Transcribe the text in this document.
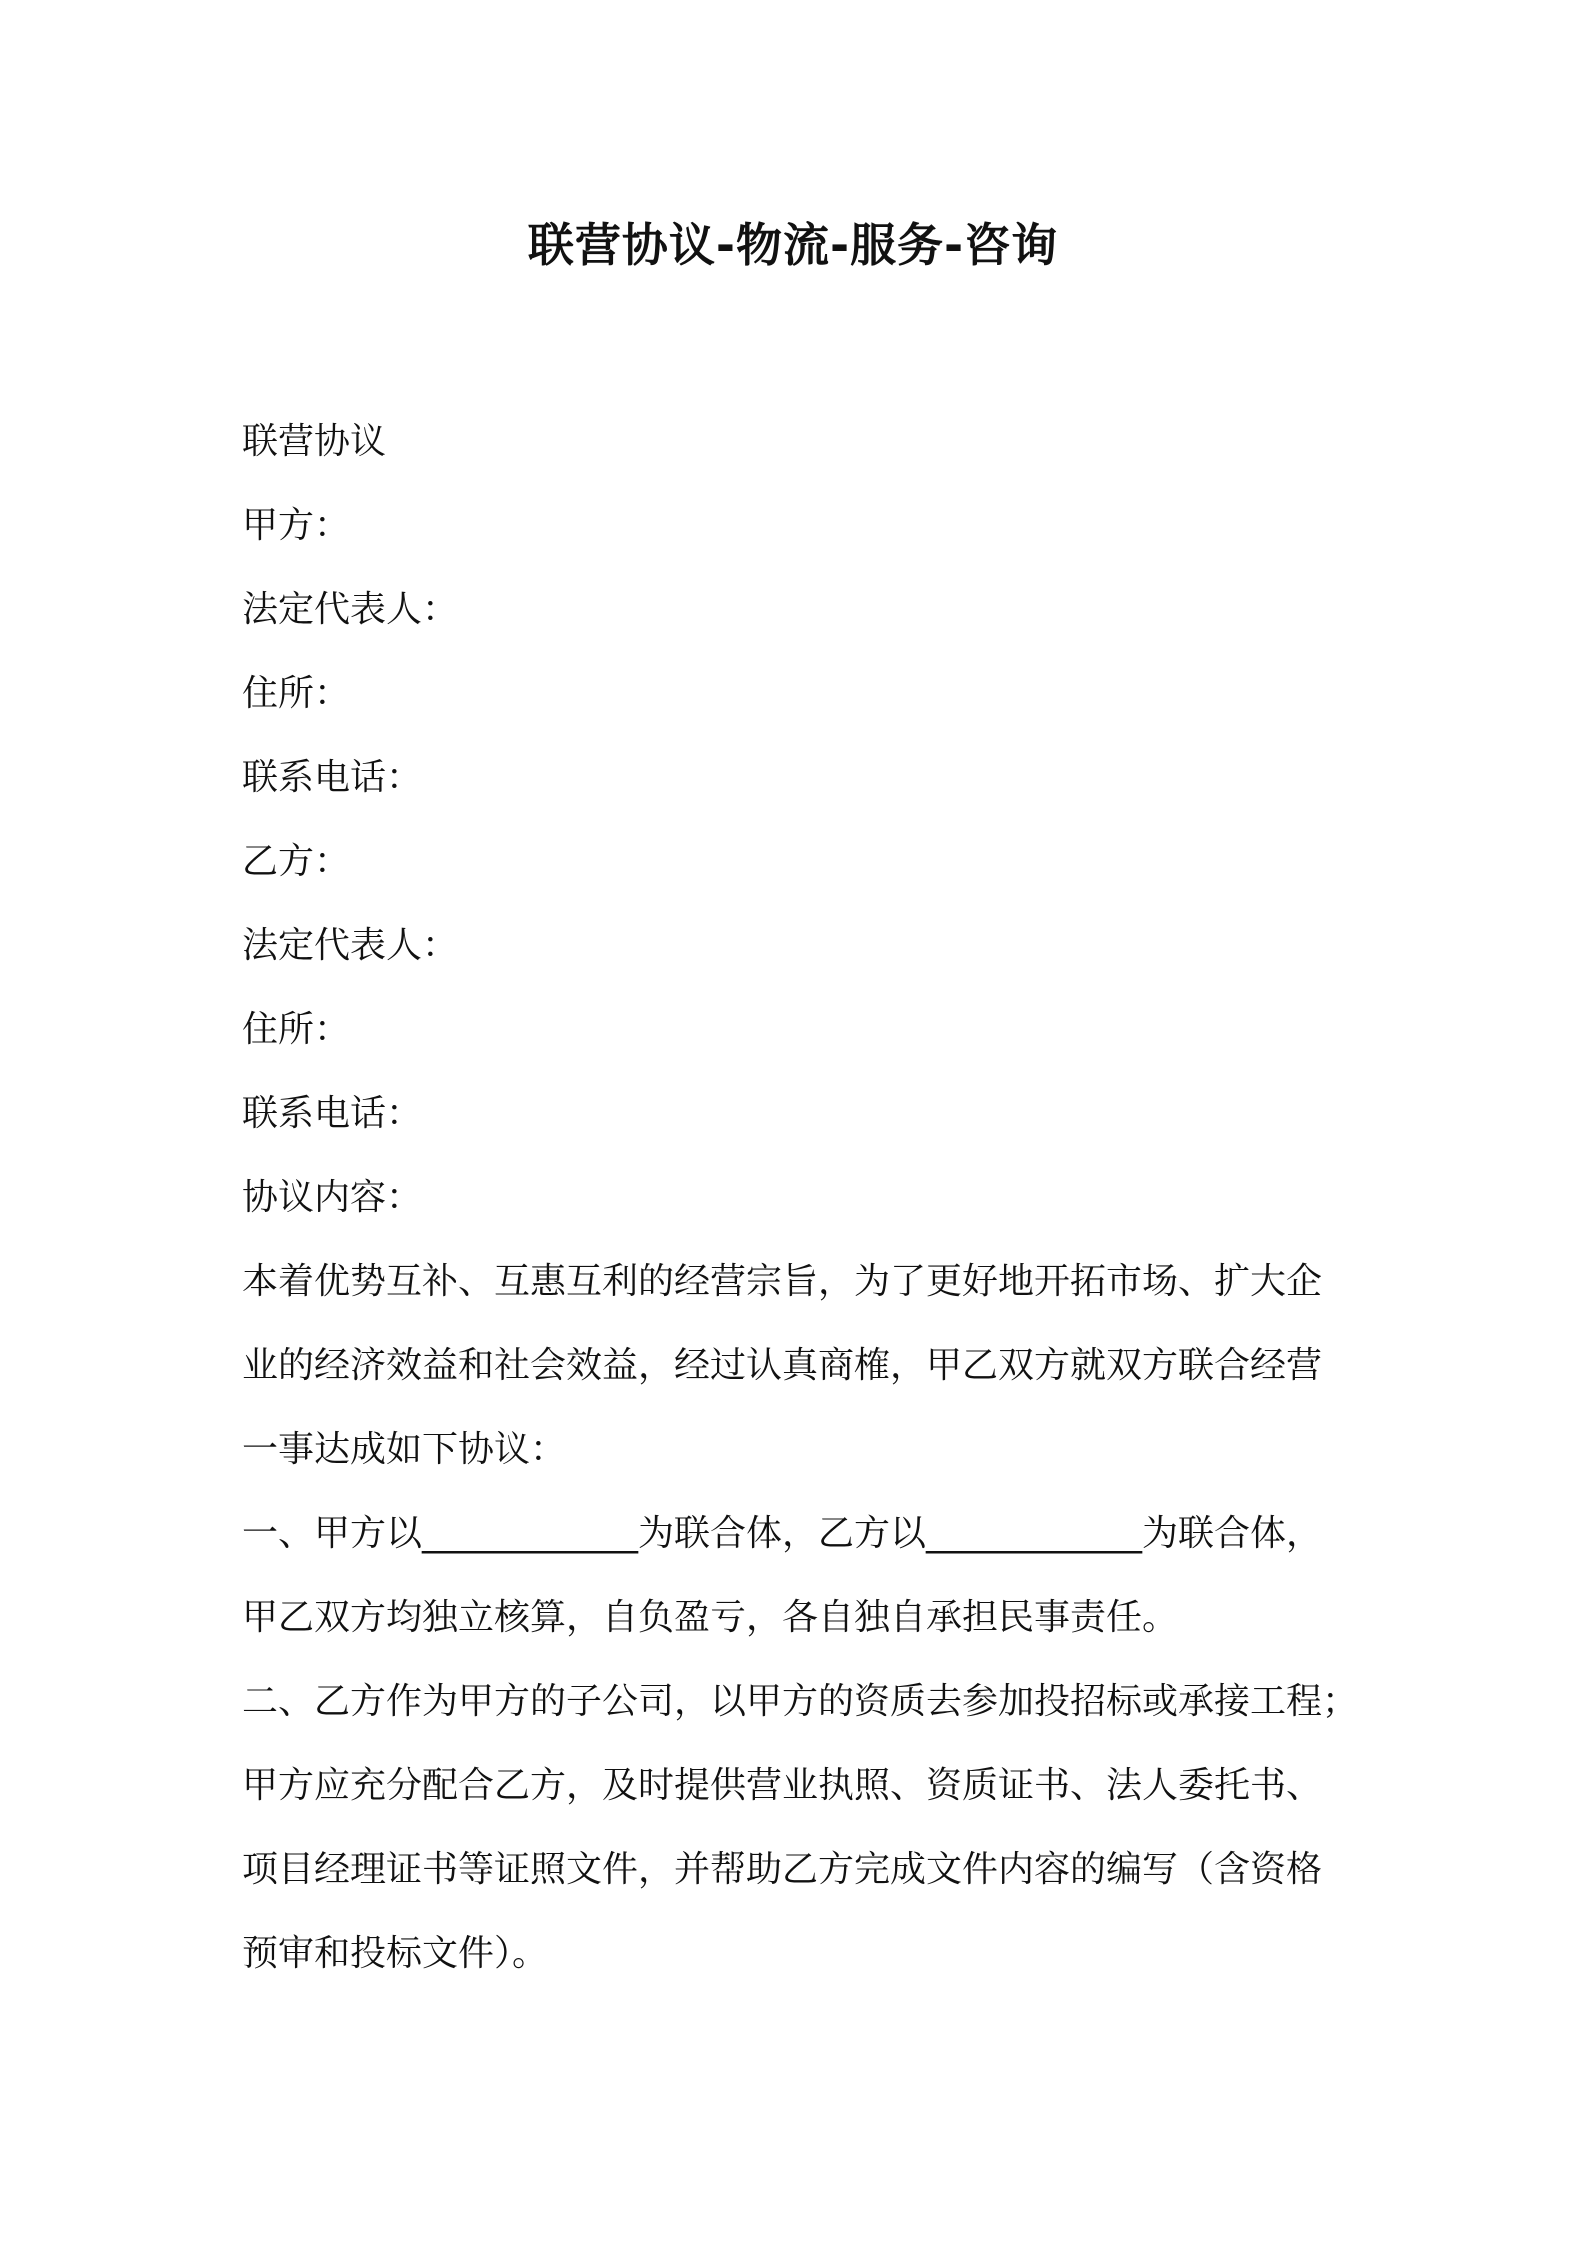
联营协议-物流-服务-咨询
联营协议
甲方：
法定代表人：
住所：
联系电话：
乙方：
法定代表人：
住所：
联系电话：
协议内容：
本着优势互补、互惠互利的经营宗旨，为了更好地开拓市场、扩大企
业的经济效益和社会效益，经过认真商榷，甲乙双方就双方联合经营
一事达成如下协议：
一、甲方以____________为联合体，乙方以____________为联合体，
甲乙双方均独立核算，自负盈亏，各自独自承担民事责任。
二、乙方作为甲方的子公司，以甲方的资质去参加投招标或承接工程；
甲方应充分配合乙方，及时提供营业执照、资质证书、法人委托书、
项目经理证书等证照文件，并帮助乙方完成文件内容的编写（含资格
预审和投标文件）。
